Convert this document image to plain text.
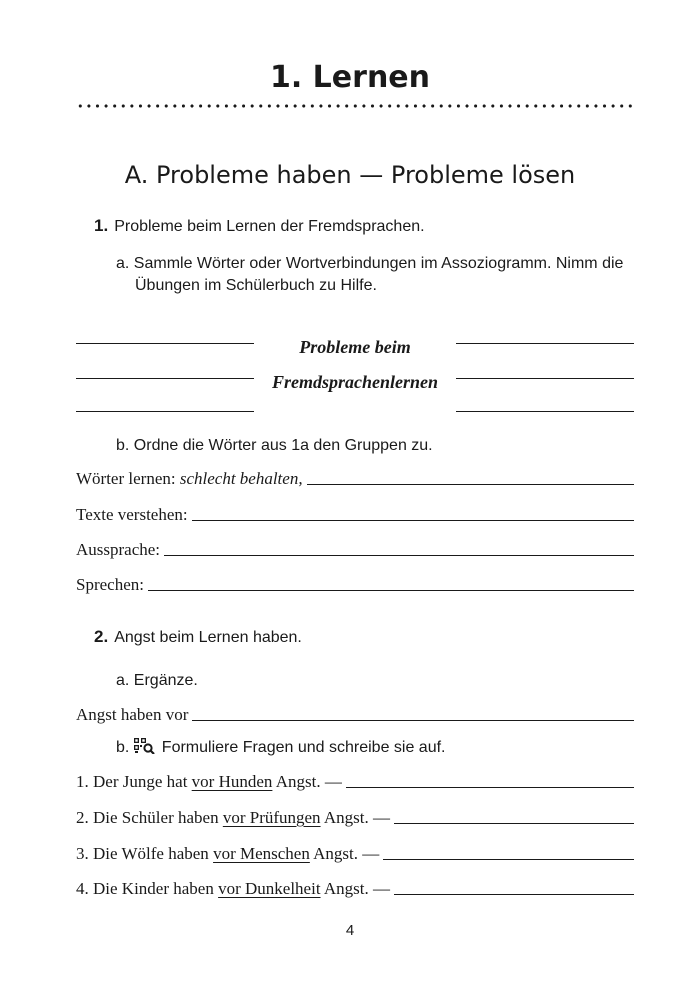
1. Lernen
A. Probleme haben — Probleme lösen
1. Probleme beim Lernen der Fremdsprachen.
a. Sammle Wörter oder Wortverbindungen im Assoziogramm. Nimm die Übungen im Schülerbuch zu Hilfe.
Probleme beim
Fremdsprachenlernen
b. Ordne die Wörter aus 1a den Gruppen zu.
Wörter lernen:
schlecht behalten,
Texte verstehen:
Aussprache:
Sprechen:
2. Angst beim Lernen haben.
a. Ergänze.
Angst haben vor
b. Formuliere Fragen und schreibe sie auf.
1. Der Junge hat vor Hunden Angst. —
2. Die Schüler haben vor Prüfungen Angst. —
3. Die Wölfe haben vor Menschen Angst. —
4. Die Kinder haben vor Dunkelheit Angst. —
4
